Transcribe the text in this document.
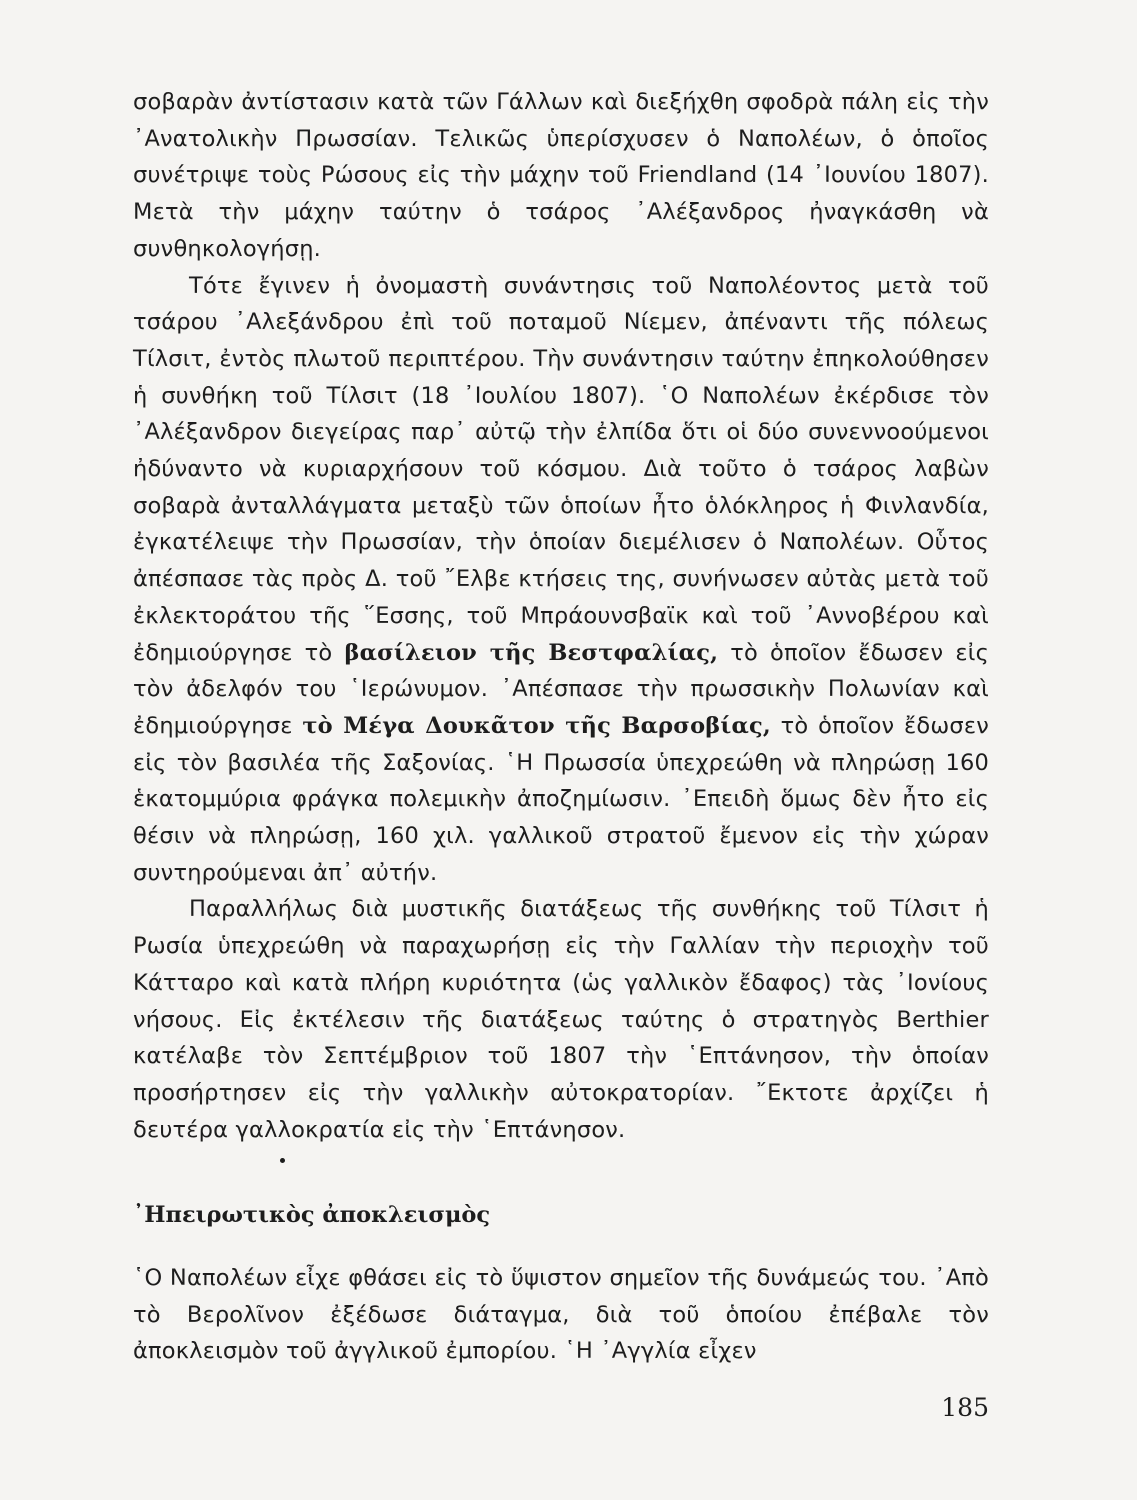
σοβαρὰν ἀντίστασιν κατὰ τῶν Γάλλων καὶ διεξήχθη σφοδρὰ πάλη εἰς τὴν ᾿Ανατολικὴν Πρωσσίαν. Τελικῶς ὑπερίσχυσεν ὁ Ναπολέων, ὁ ὁποῖος συνέτριψε τοὺς Ρώσους εἰς τὴν μάχην τοῦ Friendland (14 ᾿Ιουνίου 1807). Μετὰ τὴν μάχην ταύτην ὁ τσάρος ᾿Αλέξανδρος ἠναγκάσθη νὰ συνθηκολογήσῃ.

Τότε ἔγινεν ἡ ὀνομαστὴ συνάντησις τοῦ Ναπολέοντος μετὰ τοῦ τσάρου ᾿Αλεξάνδρου ἐπὶ τοῦ ποταμοῦ Νίεμεν, ἀπέναντι τῆς πόλεως Τίλσιτ, ἐντὸς πλωτοῦ περιπτέρου. Τὴν συνάντησιν ταύτην ἐπηκολούθησεν ἡ συνθήκη τοῦ Τίλσιτ (18 ᾿Ιουλίου 1807). ῾Ο Ναπολέων ἐκέρδισε τὸν ᾿Αλέξανδρον διεγείρας παρ᾿ αὐτῷ τὴν ἐλπίδα ὅτι οἱ δύο συνεννοούμενοι ἠδύναντο νὰ κυριαρχήσουν τοῦ κόσμου. Διὰ τοῦτο ὁ τσάρος λαβὼν σοβαρὰ ἀνταλλάγματα μεταξὺ τῶν ὁποίων ἦτο ὁλόκληρος ἡ Φινλανδία, ἐγκατέλειψε τὴν Πρωσσίαν, τὴν ὁποίαν διεμέλισεν ὁ Ναπολέων. Οὗτος ἀπέσπασε τὰς πρὸς Δ. τοῦ ῎Ελβε κτήσεις της, συνήνωσεν αὐτὰς μετὰ τοῦ ἐκλεκτοράτου τῆς ῞Εσσης, τοῦ Μπράουνσβαϊκ καὶ τοῦ ᾿Αννοβέρου καὶ ἐδημιούργησε τὸ βασίλειον τῆς Βεστφαλίας, τὸ ὁποῖον ἔδωσεν εἰς τὸν ἀδελφόν του ῾Ιερώνυμον. ᾿Απέσπασε τὴν πρωσσικὴν Πολωνίαν καὶ ἐδημιούργησε τὸ Μέγα Δουκᾶτον τῆς Βαρσοβίας, τὸ ὁποῖον ἔδωσεν εἰς τὸν βασιλέα τῆς Σαξονίας. ῾Η Πρωσσία ὑπεχρεώθη νὰ πληρώσῃ 160 ἑκατομμύρια φράγκα πολεμικὴν ἀποζημίωσιν. ᾿Επειδὴ ὅμως δὲν ἦτο εἰς θέσιν νὰ πληρώσῃ, 160 χιλ. γαλλικοῦ στρατοῦ ἔμενον εἰς τὴν χώραν συντηρούμεναι ἀπ᾿ αὐτήν.

Παραλλήλως διὰ μυστικῆς διατάξεως τῆς συνθήκης τοῦ Τίλσιτ ἡ Ρωσία ὑπεχρεώθη νὰ παραχωρήσῃ εἰς τὴν Γαλλίαν τὴν περιοχὴν τοῦ Κάτταρο καὶ κατὰ πλήρη κυριότητα (ὡς γαλλικὸν ἔδαφος) τὰς ᾿Ιονίους νήσους. Εἰς ἐκτέλεσιν τῆς διατάξεως ταύτης ὁ στρατηγὸς Berthier κατέλαβε τὸν Σεπτέμβριον τοῦ 1807 τὴν ῾Επτάνησον, τὴν ὁποίαν προσήρτησεν εἰς τὴν γαλλικὴν αὐτοκρατορίαν. ῎Εκτοτε ἀρχίζει ἡ δευτέρα γαλλοκρατία εἰς τὴν ῾Επτάνησον.

᾿Ηπειρωτικὸς ἀποκλεισμὸς

῾Ο Ναπολέων εἶχε φθάσει εἰς τὸ ὕψιστον σημεῖον τῆς δυνάμεώς του. ᾿Απὸ τὸ Βερολῖνον ἐξέδωσε διάταγμα, διὰ τοῦ ὁποίου ἐπέβαλε τὸν ἀποκλεισμὸν τοῦ ἀγγλικοῦ ἐμπορίου. ῾Η ᾿Αγγλία εἶχεν

185
